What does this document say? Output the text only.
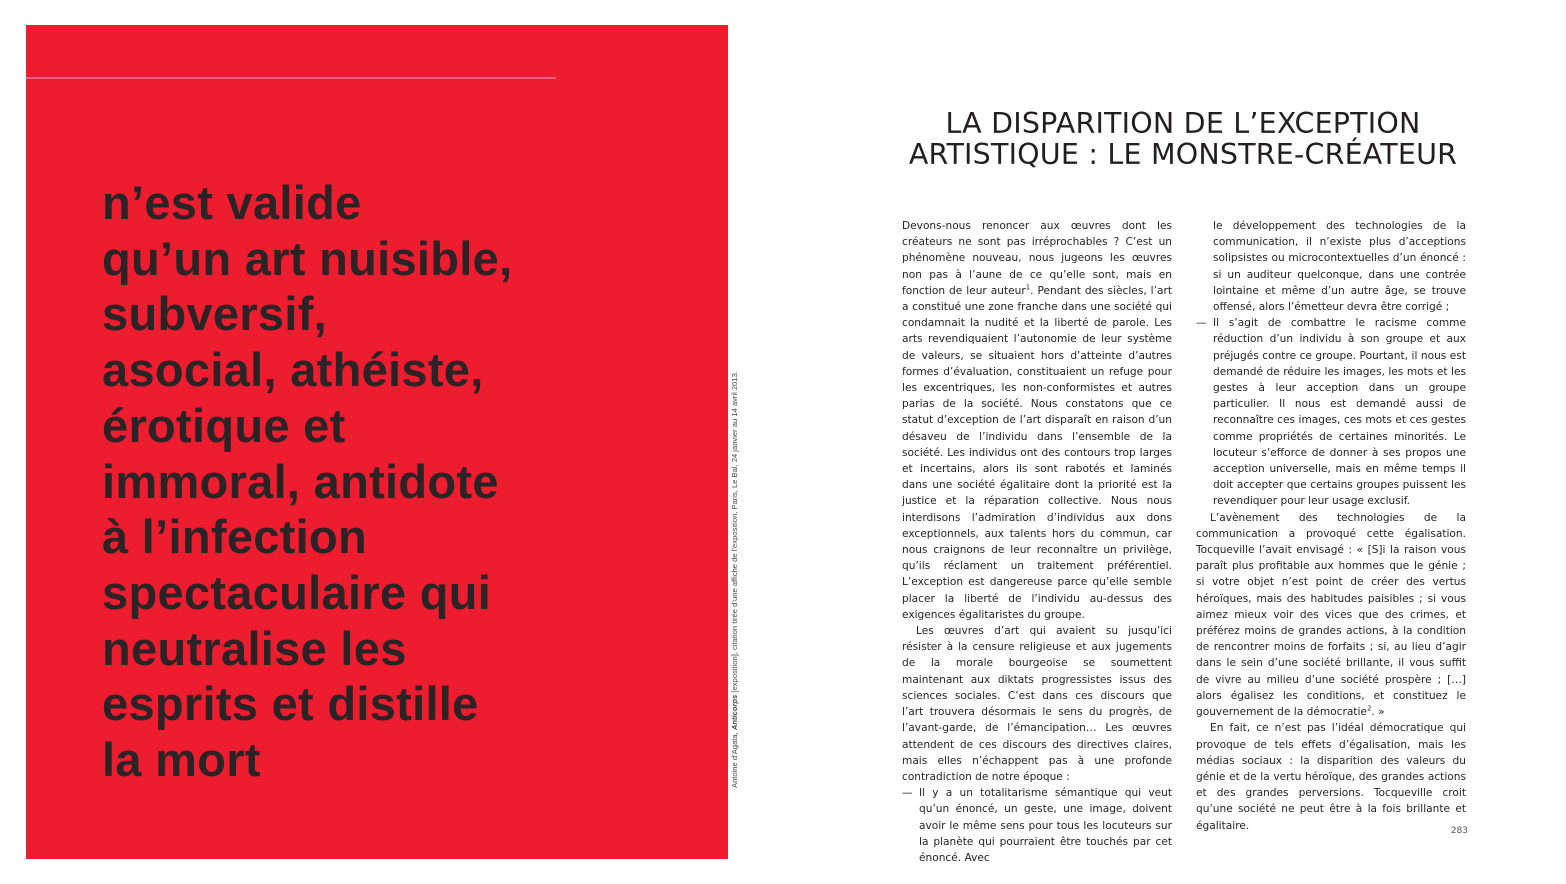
n’est valide
qu’un art nuisible,
subversif,
asocial, athéiste,
érotique et
immoral, antidote
à l’infection
spectaculaire qui
neutralise les
esprits et distille
la mort	Antoine d’Agata, Anticorps [exposition], citation tirée d’une affiche de l’exposition, Paris, Le Bal, 24 janvier au 14 avril 2013.
LA DISPARITION DE L’EXCEPTION ARTISTIQUE : LE MONSTRE-CRÉATEUR

Devons-nous renoncer aux œuvres dont les créateurs ne sont pas irréprochables ? C’est un phénomène nouveau, nous jugeons les œuvres non pas à l’aune de ce qu’elle sont, mais en fonction de leur auteur$^1$. Pendant des siècles, l’art a constitué une zone franche dans une société qui condamnait la nudité et la liberté de parole. Les arts revendiquaient l’autonomie de leur système de valeurs, se situaient hors d’atteinte d’autres formes d’évaluation, constituaient un refuge pour les excentriques, les non-conformistes et autres parias de la société. Nous constatons que ce statut d’exception de l’art disparaît en raison d’un désaveu de l’individu dans l’ensemble de la société. Les individus ont des contours trop larges et incertains, alors ils sont rabotés et laminés dans une société égalitaire dont la priorité est la justice et la réparation collective. Nous nous interdisons l’admiration d’individus aux dons exceptionnels, aux talents hors du commun, car nous craignons de leur reconnaître un privilège, qu’ils réclament un traitement préférentiel. L’exception est dangereuse parce qu’elle semble placer la liberté de l’individu au-dessus des exigences égalitaristes du groupe.

Les œuvres d’art qui avaient su jusqu’ici résister à la censure religieuse et aux jugements de la morale bourgeoise se soumettent maintenant aux diktats progressistes issus des sciences sociales. C’est dans ces discours que l’art trouvera désormais le sens du progrès, de l’avant-garde, de l’émancipation… Les œuvres attendent de ces discours des directives claires, mais elles n’échappent pas à une profonde contradiction de notre époque :

— Il y a un totalitarisme sémantique qui veut qu’un énoncé, un geste, une image, doivent avoir le même sens pour tous les locuteurs sur la planète qui pourraient être touchés par cet énoncé. Avec

le développement des technologies de la communication, il n’existe plus d’acceptions solipsistes ou microcontextuelles d’un énoncé : si un auditeur quelconque, dans une contrée lointaine et même d’un autre âge, se trouve offensé, alors l’émetteur devra être corrigé ;

— Il s’agit de combattre le racisme comme réduction d’un individu à son groupe et aux préjugés contre ce groupe. Pourtant, il nous est demandé de réduire les images, les mots et les gestes à leur acception dans un groupe particulier. Il nous est demandé aussi de reconnaître ces images, ces mots et ces gestes comme propriétés de certaines minorités. Le locuteur s’efforce de donner à ses propos une acception universelle, mais en même temps il doit accepter que certains groupes puissent les revendiquer pour leur usage exclusif.

L’avènement des technologies de la communication a provoqué cette égalisation. Tocqueville l’avait envisagé : « [S]i la raison vous paraît plus profitable aux hommes que le génie ; si votre objet n’est point de créer des vertus héroïques, mais des habitudes paisibles ; si vous aimez mieux voir des vices que des crimes, et préférez moins de grandes actions, à la condition de rencontrer moins de forfaits ; si, au lieu d’agir dans le sein d’une société brillante, il vous suffit de vivre au milieu d’une société prospère ; […] alors égalisez les conditions, et constituez le gouvernement de la démocratie$^2$. »

En fait, ce n’est pas l’idéal démocratique qui provoque de tels effets d’égalisation, mais les médias sociaux : la disparition des valeurs du génie et de la vertu héroïque, des grandes actions et des grandes perversions. Tocqueville croit qu’une société ne peut être à la fois brillante et égalitaire.	283
